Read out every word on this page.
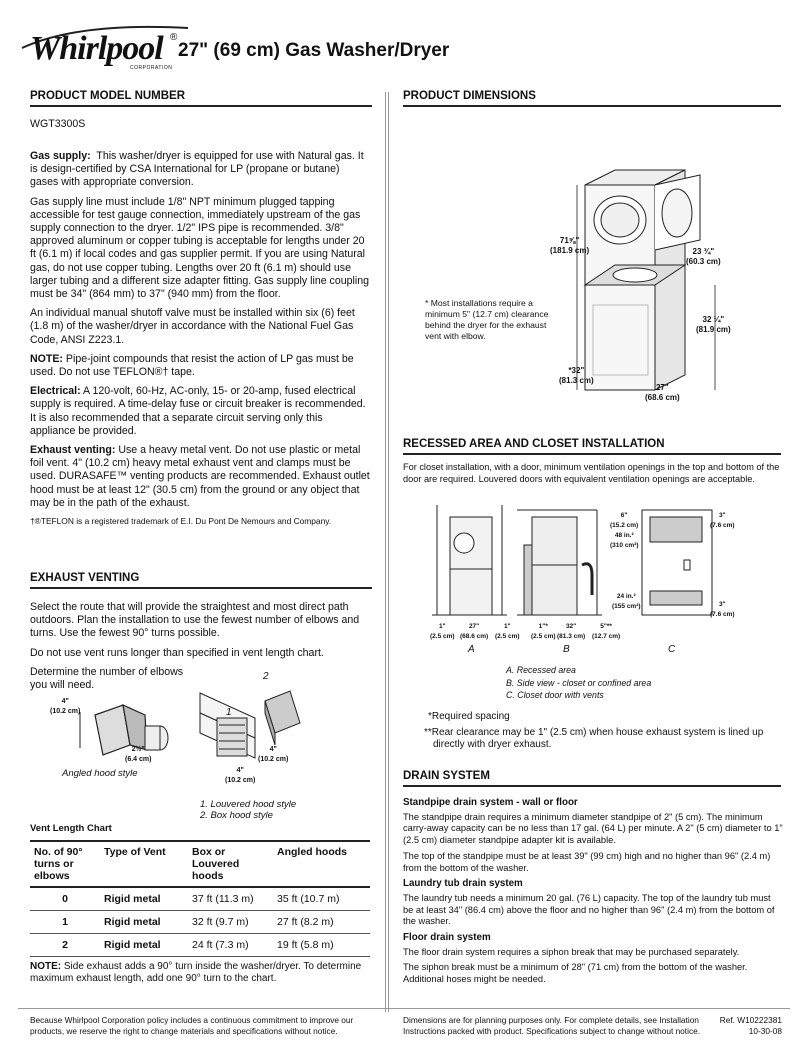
Whirlpool ®
CORPORATION
27" (69 cm) Gas Washer/Dryer
PRODUCT MODEL NUMBER
WGT3300S

Gas supply: This washer/dryer is equipped for use with Natural gas. It is design-certified by CSA International for LP (propane or butane) gases with appropriate conversion.

Gas supply line must include 1/8" NPT minimum plugged tapping accessible for test gauge connection, immediately upstream of the gas supply connection to the dryer. 1/2" IPS pipe is recommended. 3/8" approved aluminum or copper tubing is acceptable for lengths under 20 ft (6.1 m) if local codes and gas supplier permit. If you are using Natural gas, do not use copper tubing. Lengths over 20 ft (6.1 m) should use larger tubing and a different size adapter fitting. Gas supply line coupling must be 34" (864 mm) to 37" (940 mm) from the floor.

An individual manual shutoff valve must be installed within six (6) feet (1.8 m) of the washer/dryer in accordance with the National Fuel Gas Code, ANSI Z223.1.

NOTE: Pipe-joint compounds that resist the action of LP gas must be used. Do not use TEFLON®† tape.

Electrical: A 120-volt, 60-Hz, AC-only, 15- or 20-amp, fused electrical supply is required. A time-delay fuse or circuit breaker is recommended. It is also recommended that a separate circuit serving only this appliance be provided.

Exhaust venting: Use a heavy metal vent. Do not use plastic or metal foil vent. 4" (10.2 cm) heavy metal exhaust vent and clamps must be used. DURASAFE™ venting products are recommended. Exhaust outlet hood must be at least 12" (30.5 cm) from the ground or any object that may be in the path of the exhaust.

†®TEFLON is a registered trademark of E.I. Du Pont De Nemours and Company.

EXHAUST VENTING

Select the route that will provide the straightest and most direct path outdoors. Plan the installation to use the fewest number of elbows and turns. Use the fewest 90° turns possible.

Do not use vent runs longer than specified in vent length chart.

Determine the number of elbows

you will need.

4"
(10.2 cm)
2½"
(6.4 cm)
Angled hood style
2
1
4"
(10.2 cm)
4"
(10.2 cm)
1. Louvered hood style
2. Box hood style
Vent Length Chart
No. of 90° turns or elbows	Type of Vent	Box or Louvered hoods	Angled hoods
0	Rigid metal	37 ft (11.3 m)	35 ft (10.7 m)
1	Rigid metal	32 ft (9.7 m)	27 ft (8.2 m)
2	Rigid metal	24 ft (7.3 m)	19 ft (5.8 m)

NOTE: Side exhaust adds a 90° turn inside the washer/dryer. To determine maximum exhaust length, add one 90° turn to the chart.

PRODUCT DIMENSIONS
71⅝"
(181.9 cm)	23 ¾"
(60.3 cm)
32 ¼"
(81.9 cm)
*32"
(81.3 cm)
27"
(68.6 cm)
* Most installations require a minimum 5" (12.7 cm) clearance behind the dryer for the exhaust vent with elbow.
RECESSED AREA AND CLOSET INSTALLATION
For closet installation, with a door, minimum ventilation openings in the top and bottom of the door are required. Louvered doors with equivalent ventilation openings are acceptable.
1"
(2.5 cm)
27"
(68.6 cm)
1"
(2.5 cm)
1"*
(2.5 cm)
32"
(81.3 cm)
5"**
(12.7 cm)
6"
(15.2 cm)
48 in.²
(310 cm²)
24 in.²
(155 cm²)
3"
(7.6 cm)
3"
(7.6 cm)
A	B	C
A. Recessed area
B. Side view - closet or confined area
C. Closet door with vents
*Required spacing
**Rear clearance may be 1" (2.5 cm) when house exhaust system is lined up directly with dryer exhaust.
DRAIN SYSTEM
Standpipe drain system - wall or floor

The standpipe drain requires a minimum diameter standpipe of 2" (5 cm). The minimum carry-away capacity can be no less than 17 gal. (64 L) per minute. A 2" (5 cm) diameter to 1" (2.5 cm) diameter standpipe adapter kit is available.

The top of the standpipe must be at least 39" (99 cm) high and no higher than 96" (2.4 m) from the bottom of the washer.

Laundry tub drain system

The laundry tub needs a minimum 20 gal. (76 L) capacity. The top of the laundry tub must be at least 34" (86.4 cm) above the floor and no higher than 96" (2.4 m) from the bottom of the washer.

Floor drain system

The floor drain system requires a siphon break that may be purchased separately.

The siphon break must be a minimum of 28" (71 cm) from the bottom of the washer. Additional hoses might be needed.

Because Whirlpool Corporation policy includes a continuous commitment to improve our products, we reserve the right to change materials and specifications without notice.
Dimensions are for planning purposes only. For complete details, see Installation Instructions packed with product. Specifications subject to change without notice.
Ref. W10222381
10-30-08
